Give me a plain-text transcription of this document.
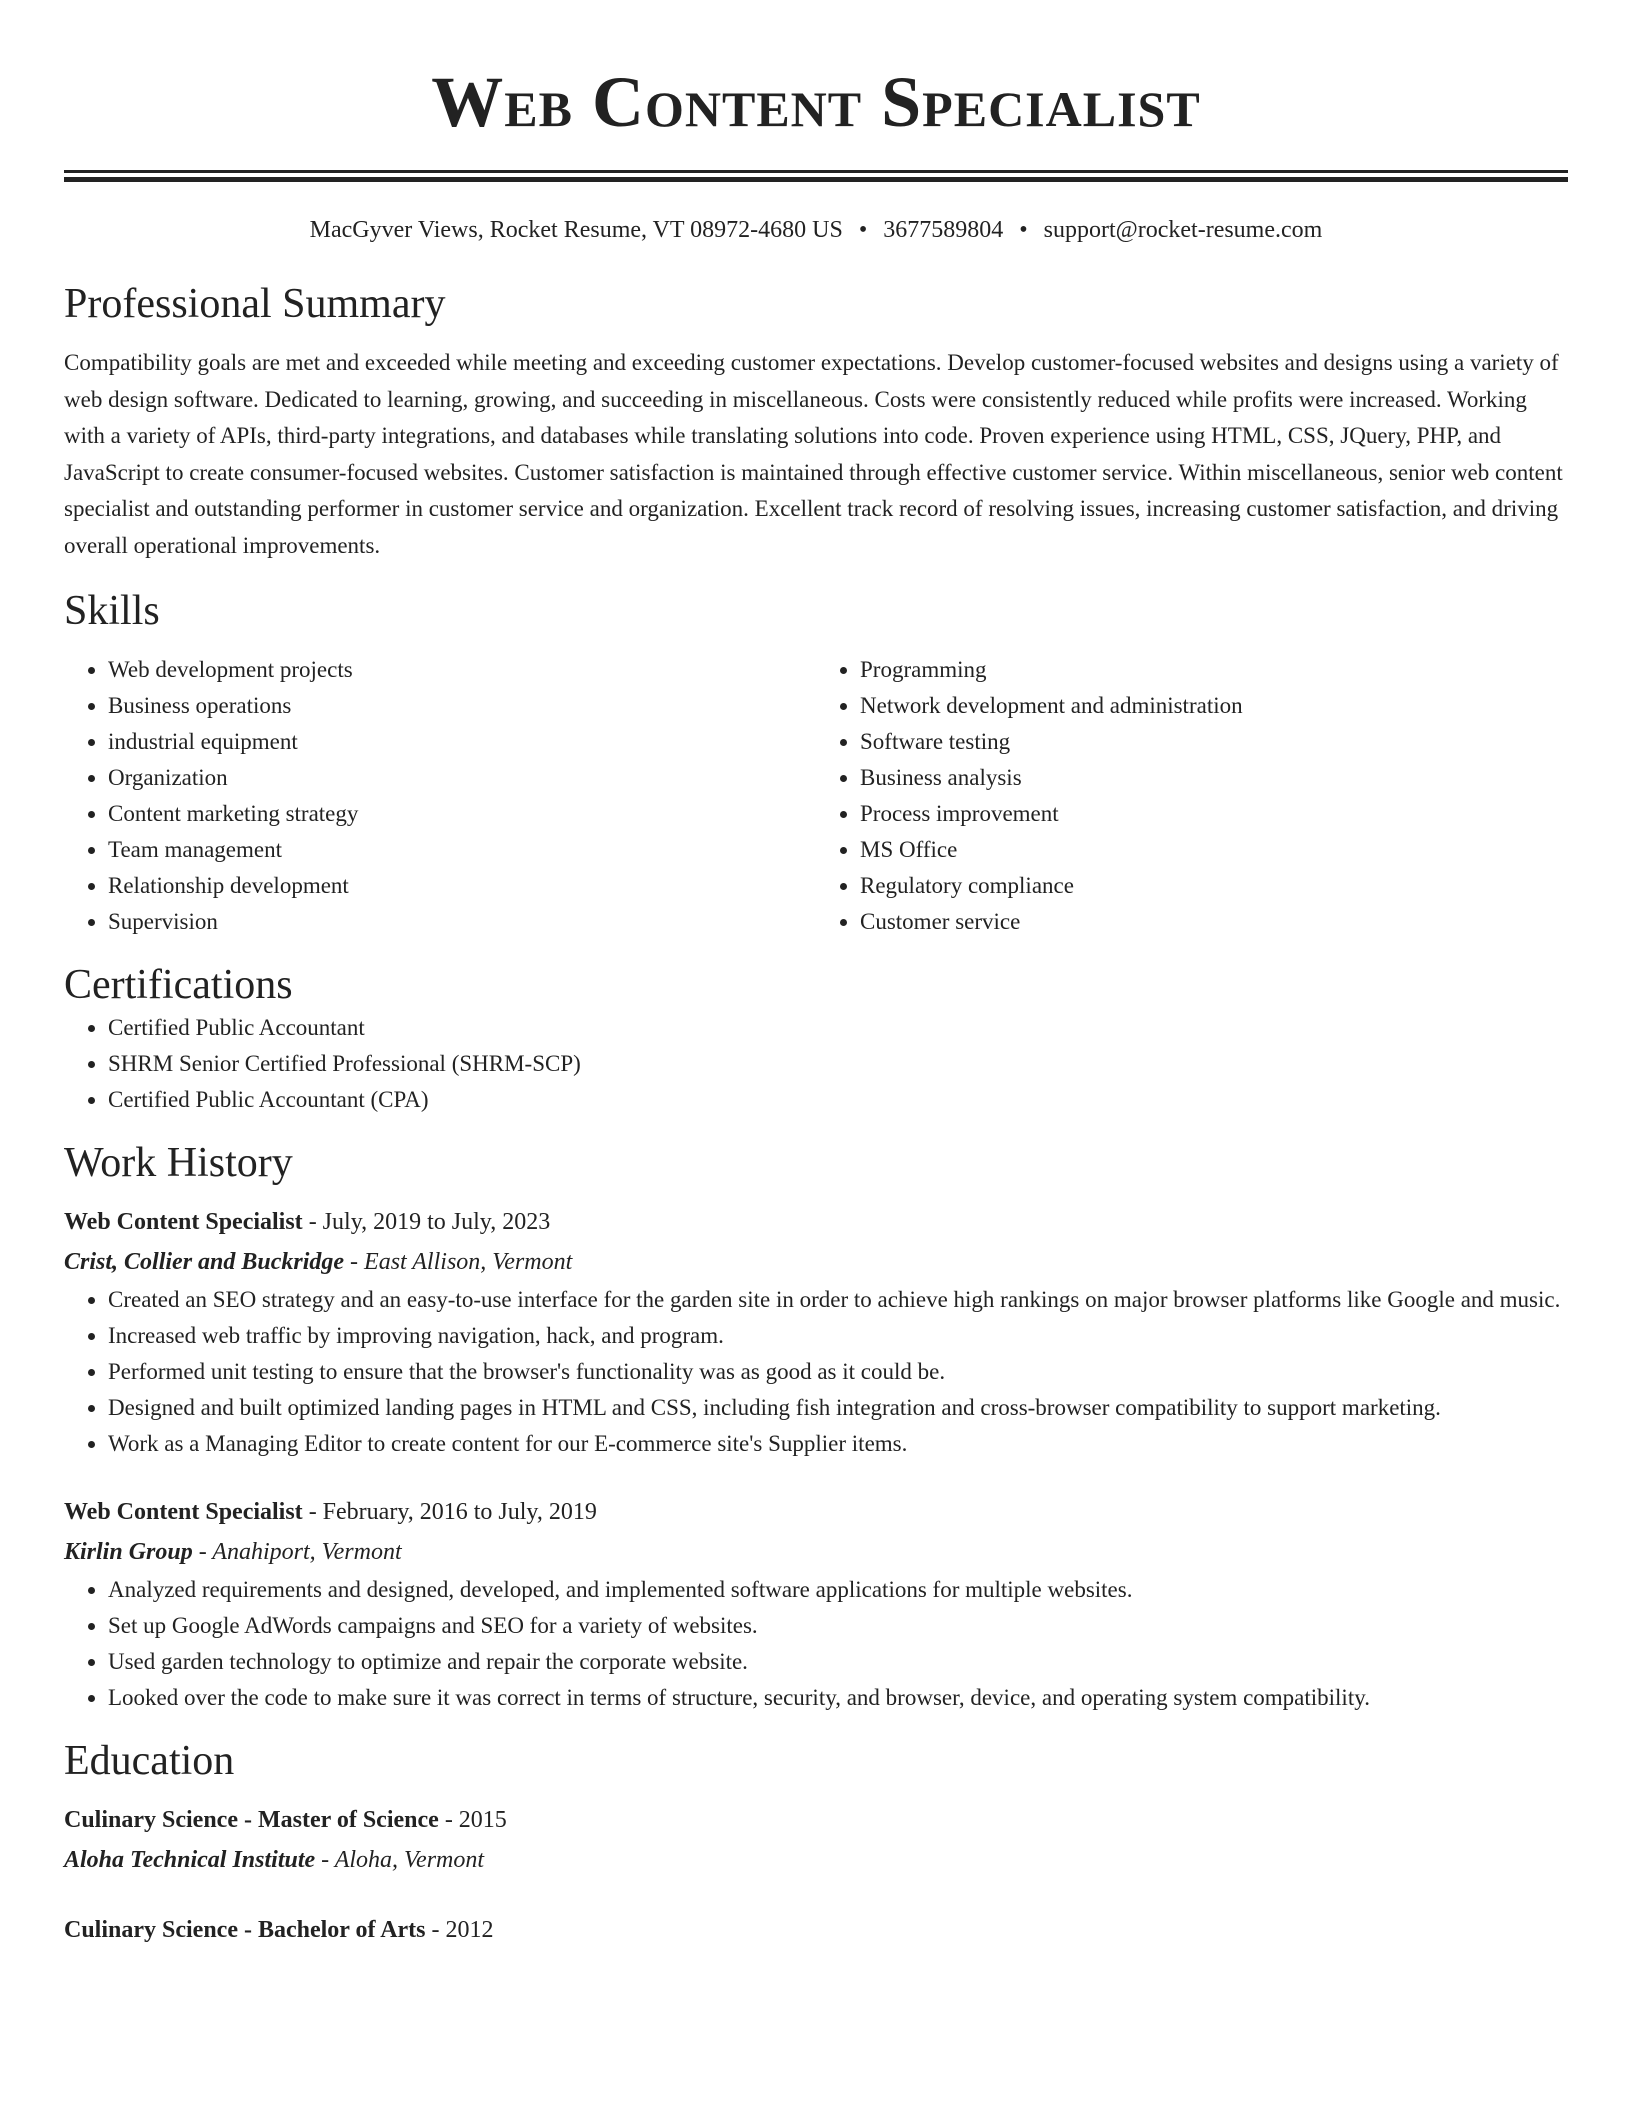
Web Content Specialist
MacGyver Views, Rocket Resume, VT 08972-4680 US • 3677589804 • support@rocket-resume.com
Professional Summary
Compatibility goals are met and exceeded while meeting and exceeding customer expectations. Develop customer-focused websites and designs using a variety of web design software. Dedicated to learning, growing, and succeeding in miscellaneous. Costs were consistently reduced while profits were increased. Working with a variety of APIs, third-party integrations, and databases while translating solutions into code. Proven experience using HTML, CSS, JQuery, PHP, and JavaScript to create consumer-focused websites. Customer satisfaction is maintained through effective customer service. Within miscellaneous, senior web content specialist and outstanding performer in customer service and organization. Excellent track record of resolving issues, increasing customer satisfaction, and driving overall operational improvements.
Skills
• Web development projects
• Business operations
• industrial equipment
• Organization
• Content marketing strategy
• Team management
• Relationship development
• Supervision
• Programming
• Network development and administration
• Software testing
• Business analysis
• Process improvement
• MS Office
• Regulatory compliance
• Customer service
Certifications
• Certified Public Accountant
• SHRM Senior Certified Professional (SHRM-SCP)
• Certified Public Accountant (CPA)
Work History
Web Content Specialist - July, 2019 to July, 2023
Crist, Collier and Buckridge - East Allison, Vermont
• Created an SEO strategy and an easy-to-use interface for the garden site in order to achieve high rankings on major browser platforms like Google and music.
• Increased web traffic by improving navigation, hack, and program.
• Performed unit testing to ensure that the browser's functionality was as good as it could be.
• Designed and built optimized landing pages in HTML and CSS, including fish integration and cross-browser compatibility to support marketing.
• Work as a Managing Editor to create content for our E-commerce site's Supplier items.
Web Content Specialist - February, 2016 to July, 2019
Kirlin Group - Anahiport, Vermont
• Analyzed requirements and designed, developed, and implemented software applications for multiple websites.
• Set up Google AdWords campaigns and SEO for a variety of websites.
• Used garden technology to optimize and repair the corporate website.
• Looked over the code to make sure it was correct in terms of structure, security, and browser, device, and operating system compatibility.
Education
Culinary Science - Master of Science - 2015
Aloha Technical Institute - Aloha, Vermont
Culinary Science - Bachelor of Arts - 2012
